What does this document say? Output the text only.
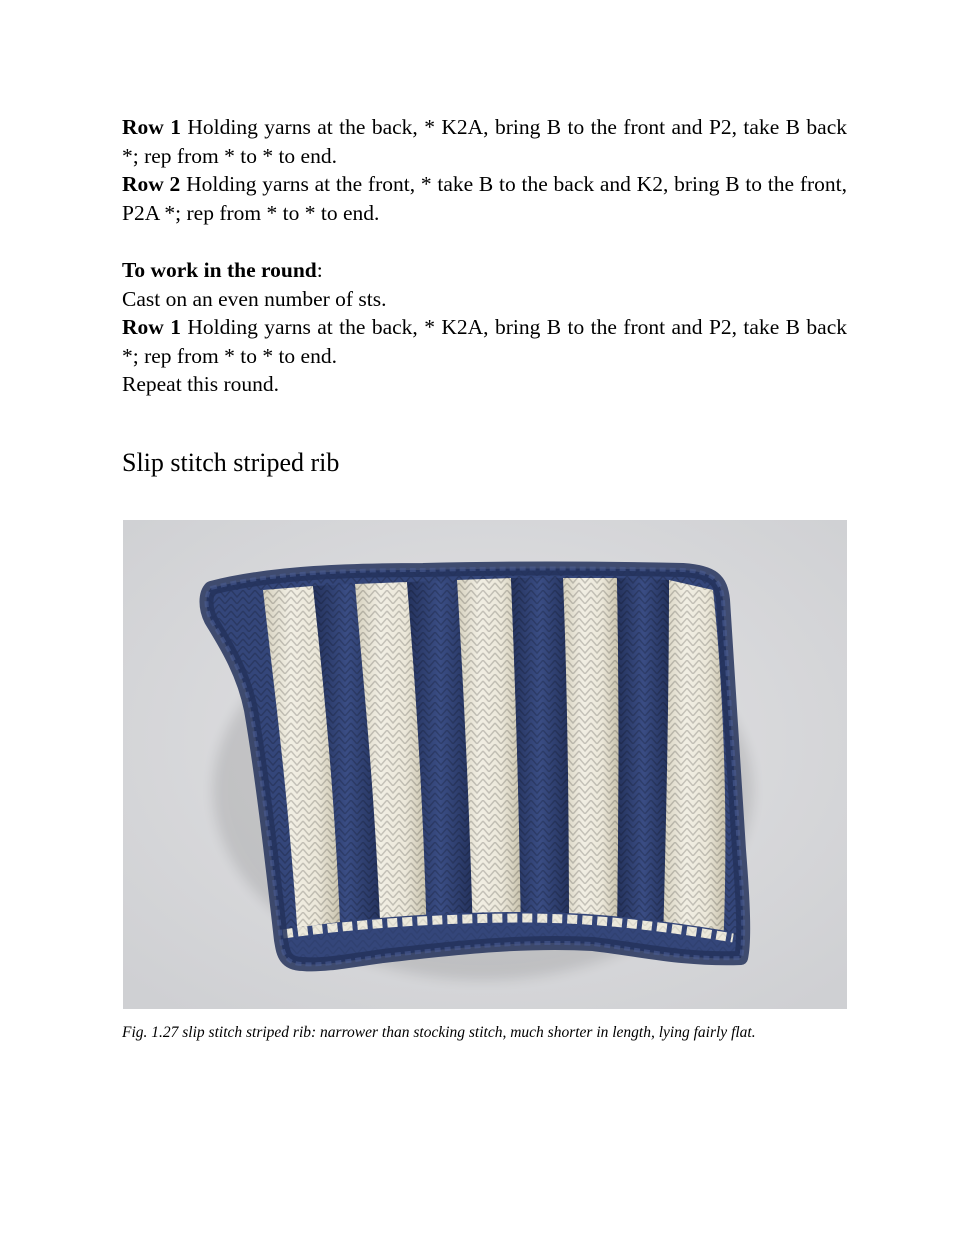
Row 1 Holding yarns at the back, * K2A, bring B to the front and P2, take B back *; rep from * to * to end.

Row 2 Holding yarns at the front, * take B to the back and K2, bring B to the front, P2A *; rep from * to * to end.

To work in the round:

Cast on an even number of sts.

Row 1 Holding yarns at the back, * K2A, bring B to the front and P2, take B back *; rep from * to * to end.

Repeat this round.

Slip stitch striped rib

Fig. 1.27 slip stitch striped rib: narrower than stocking stitch, much shorter in length, lying fairly flat.
